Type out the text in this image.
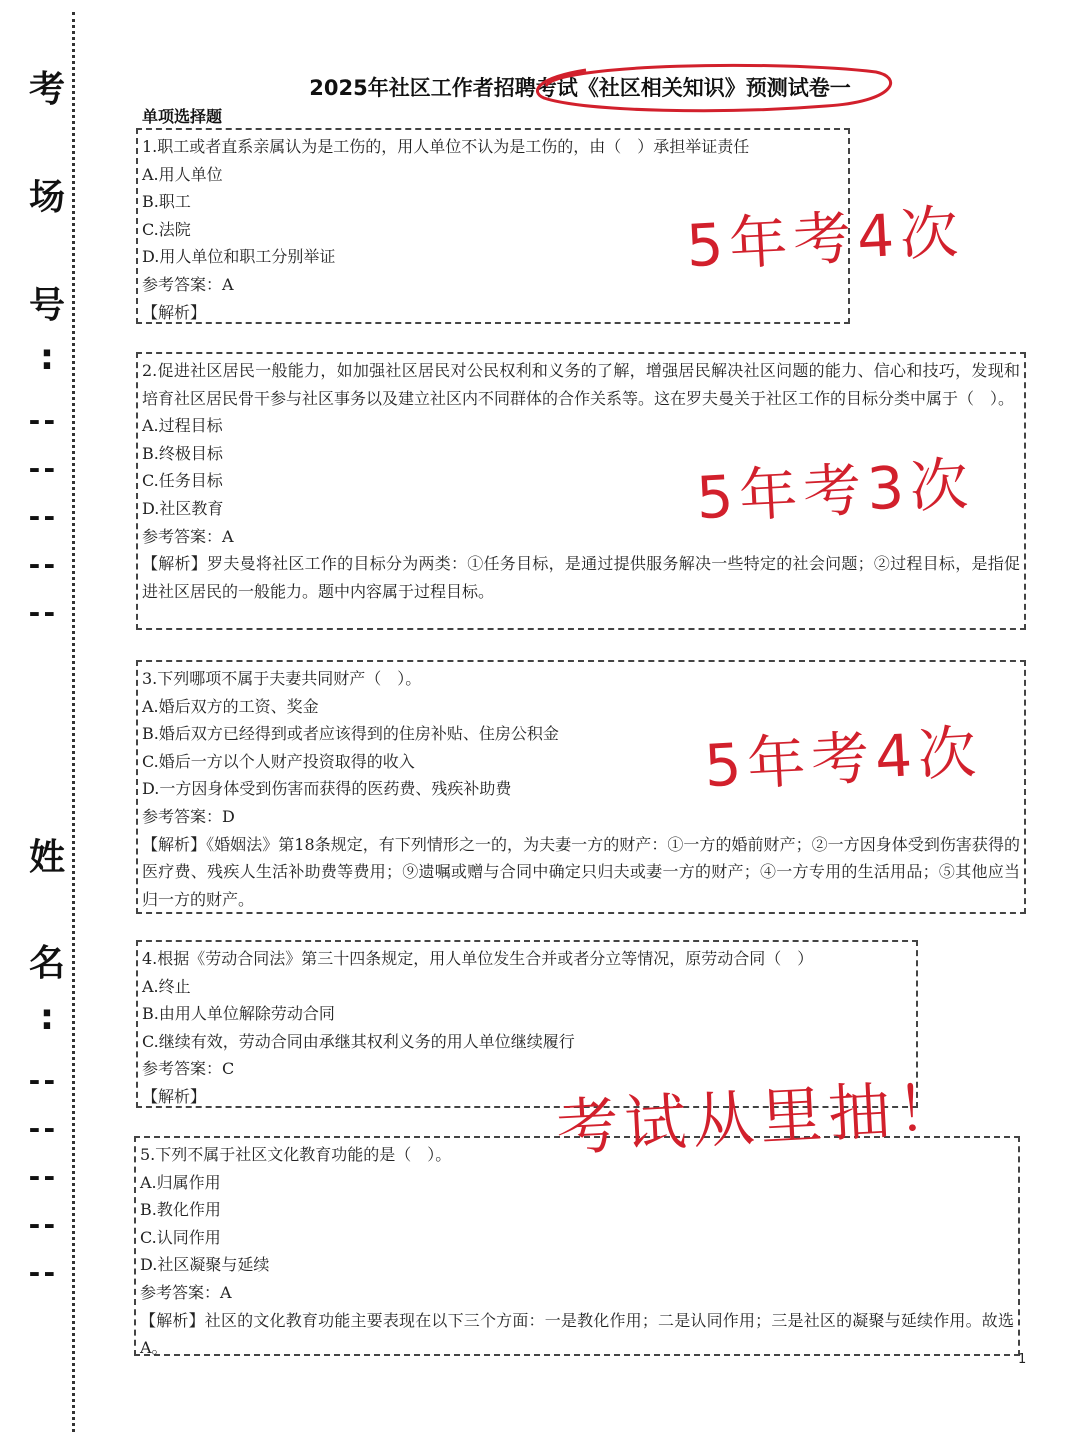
考
场
号
:
--
--
--
--
--
姓
名
:
--
--
--
--
--
2025年社区工作者招聘考试《社区相关知识》预测试卷一
单项选择题
1.职工或者直系亲属认为是工伤的，用人单位不认为是工伤的，由（　）承担举证责任
A.用人单位
B.职工
C.法院
D.用人单位和职工分别举证
参考答案：A
【解析】
2.促进社区居民一般能力，如加强社区居民对公民权利和义务的了解，增强居民解决社区问题的能力、信心和技巧，发现和培育社区居民骨干参与社区事务以及建立社区内不同群体的合作关系等。这在罗夫曼关于社区工作的目标分类中属于（　）。
A.过程目标
B.终极目标
C.任务目标
D.社区教育
参考答案：A
【解析】罗夫曼将社区工作的目标分为两类：①任务目标，是通过提供服务解决一些特定的社会问题；②过程目标，是指促进社区居民的一般能力。题中内容属于过程目标。
3.下列哪项不属于夫妻共同财产（　）。
A.婚后双方的工资、奖金
B.婚后双方已经得到或者应该得到的住房补贴、住房公积金
C.婚后一方以个人财产投资取得的收入
D.一方因身体受到伤害而获得的医药费、残疾补助费
参考答案：D
【解析】《婚姻法》第18条规定，有下列情形之一的，为夫妻一方的财产：①一方的婚前财产；②一方因身体受到伤害获得的医疗费、残疾人生活补助费等费用；⑨遗嘱或赠与合同中确定只归夫或妻一方的财产；④一方专用的生活用品；⑤其他应当归一方的财产。
4.根据《劳动合同法》第三十四条规定，用人单位发生合并或者分立等情况，原劳动合同（　）
A.终止
B.由用人单位解除劳动合同
C.继续有效，劳动合同由承继其权利义务的用人单位继续履行
参考答案：C
【解析】
5.下列不属于社区文化教育功能的是（　）。
A.归属作用
B.教化作用
C.认同作用
D.社区凝聚与延续
参考答案：A
【解析】社区的文化教育功能主要表现在以下三个方面：一是教化作用；二是认同作用；三是社区的凝聚与延续作用。故选A。
5年考4次
5年考3次
5年考4次
考试从里抽！
1
